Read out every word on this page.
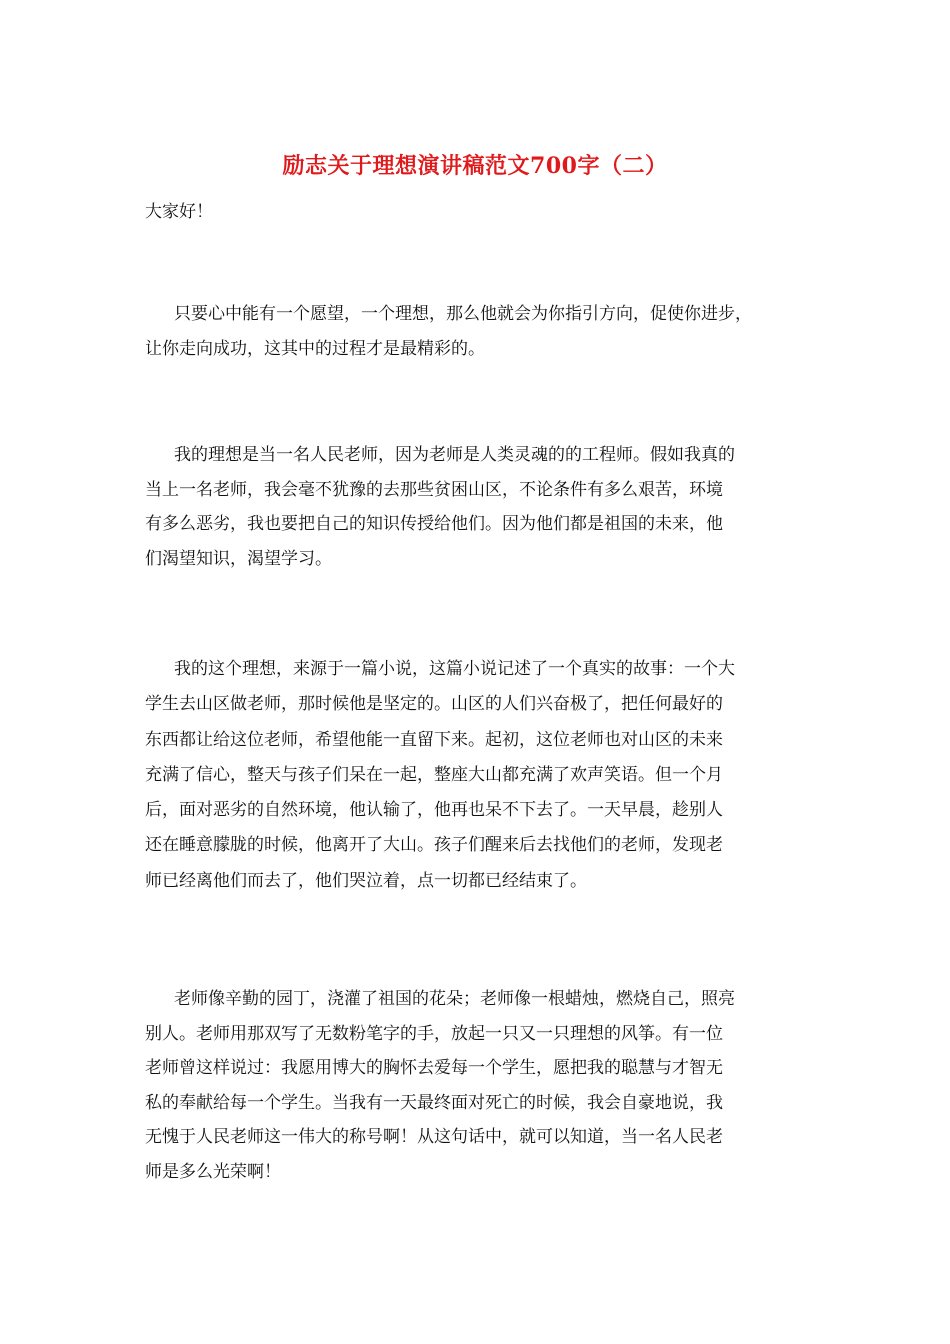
励志关于理想演讲稿范文700字（二）
大家好！
只要心中能有一个愿望，一个理想，那么他就会为你指引方向，促使你进步，
让你走向成功，这其中的过程才是最精彩的。
我的理想是当一名人民老师，因为老师是人类灵魂的的工程师。假如我真的
当上一名老师，我会毫不犹豫的去那些贫困山区，不论条件有多么艰苦，环境
有多么恶劣，我也要把自己的知识传授给他们。因为他们都是祖国的未来，他
们渴望知识，渴望学习。
我的这个理想，来源于一篇小说，这篇小说记述了一个真实的故事：一个大
学生去山区做老师，那时候他是坚定的。山区的人们兴奋极了，把任何最好的
东西都让给这位老师，希望他能一直留下来。起初，这位老师也对山区的未来
充满了信心，整天与孩子们呆在一起，整座大山都充满了欢声笑语。但一个月
后，面对恶劣的自然环境，他认输了，他再也呆不下去了。一天早晨，趁别人
还在睡意朦胧的时候，他离开了大山。孩子们醒来后去找他们的老师，发现老
师已经离他们而去了，他们哭泣着，点一切都已经结束了。
老师像辛勤的园丁，浇灌了祖国的花朵；老师像一根蜡烛，燃烧自己，照亮
别人。老师用那双写了无数粉笔字的手，放起一只又一只理想的风筝。有一位
老师曾这样说过：我愿用博大的胸怀去爱每一个学生，愿把我的聪慧与才智无
私的奉献给每一个学生。当我有一天最终面对死亡的时候，我会自豪地说，我
无愧于人民老师这一伟大的称号啊！从这句话中，就可以知道，当一名人民老
师是多么光荣啊！
